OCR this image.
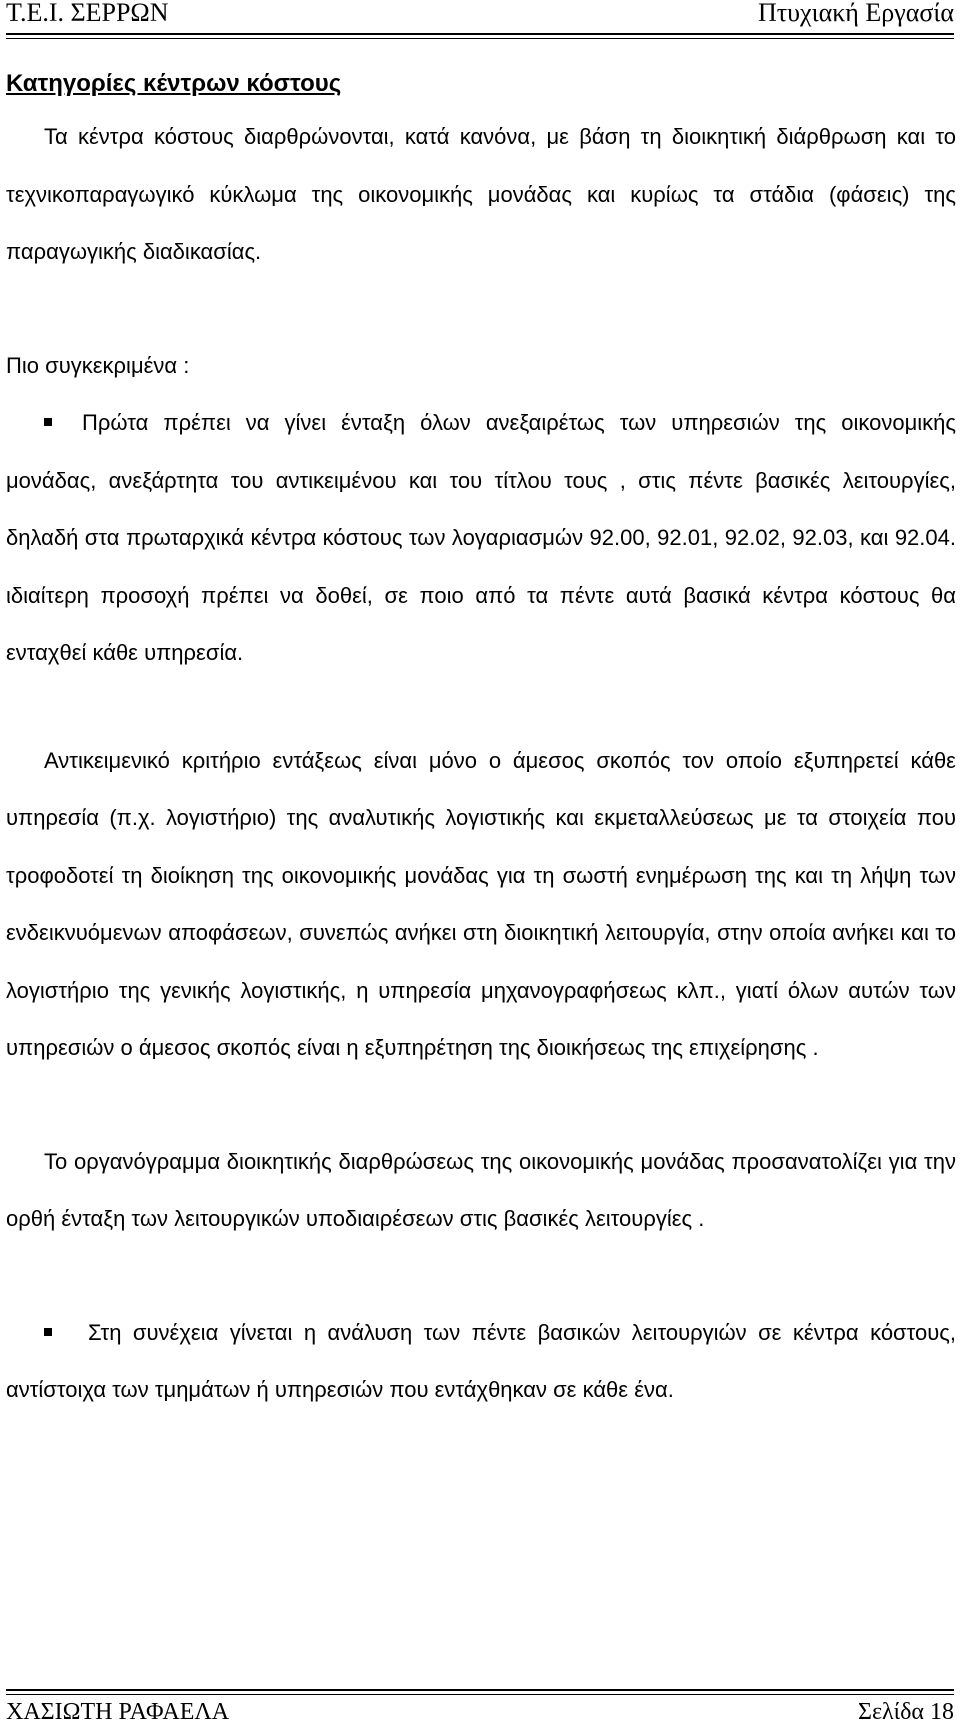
Τ.Ε.Ι. ΣΕΡΡΩΝ	Πτυχιακή Εργασία
Κατηγορίες κέντρων κόστους

Τα κέντρα κόστους διαρθρώνονται, κατά κανόνα, με βάση τη διοικητική διάρθρωση και το τεχνικοπαραγωγικό κύκλωμα της οικονομικής μονάδας και κυρίως τα στάδια (φάσεις) της παραγωγικής διαδικασίας.

Πιο συγκεκριμένα :

Πρώτα πρέπει να γίνει ένταξη όλων ανεξαιρέτως των υπηρεσιών της οικονομικής μονάδας, ανεξάρτητα του αντικειμένου και του τίτλου τους , στις πέντε βασικές λειτουργίες, δηλαδή στα πρωταρχικά κέντρα κόστους των λογαριασμών 92.00, 92.01, 92.02, 92.03, και 92.04. ιδιαίτερη προσοχή πρέπει να δοθεί, σε ποιο από τα πέντε αυτά βασικά κέντρα κόστους θα ενταχθεί κάθε υπηρεσία.

Αντικειμενικό κριτήριο εντάξεως είναι μόνο ο άμεσος σκοπός τον οποίο εξυπηρετεί κάθε υπηρεσία (π.χ. λογιστήριο) της αναλυτικής λογιστικής και εκμεταλλεύσεως με τα στοιχεία που τροφοδοτεί τη διοίκηση της οικονομικής μονάδας για τη σωστή ενημέρωση της και τη λήψη των ενδεικνυόμενων αποφάσεων, συνεπώς ανήκει στη διοικητική λειτουργία, στην οποία ανήκει και το λογιστήριο της γενικής λογιστικής, η υπηρεσία μηχανογραφήσεως κλπ., γιατί όλων αυτών των υπηρεσιών ο άμεσος σκοπός είναι η εξυπηρέτηση της διοικήσεως της επιχείρησης .

Το οργανόγραμμα διοικητικής διαρθρώσεως της οικονομικής μονάδας προσανατολίζει για την ορθή ένταξη των λειτουργικών υποδιαιρέσεων στις βασικές λειτουργίες .

Στη συνέχεια γίνεται η ανάλυση των πέντε βασικών λειτουργιών σε κέντρα κόστους, αντίστοιχα των τμημάτων ή υπηρεσιών που εντάχθηκαν σε κάθε ένα.

ΧΑΣΙΩΤΗ ΡΑΦΑΕΛΑ	Σελίδα 18
